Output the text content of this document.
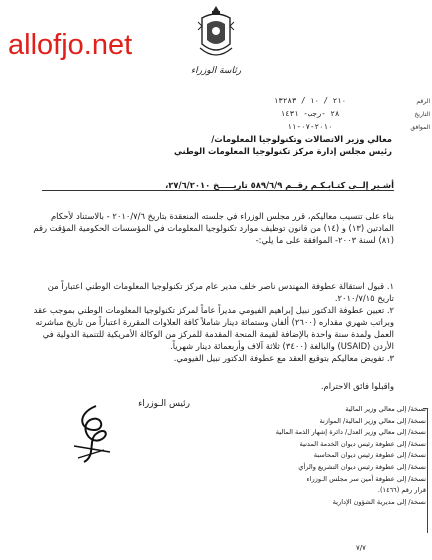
allofjo.net
رئاسة الوزراء
الرقم
التاريخ
الموافق
٢١٠ / ١٠ / ١٣٢٨٣
٢٨ -رجب- ١٤٣١
٢٠١٠-٠٧-١١
معالي وزير الاتصالات وتكنولوجيا المعلومات/
رئيس مجلس إدارة مركز تكنولوجيا المعلومات الوطني
أشـير إلــى كتـابـكـم رقــم ٥٨٩/٦/٩ تاريـــــخ ٢٧/٦/٢٠١٠،
بناء على تنسيب معاليكم، قرر مجلس الوزراء في جلسته المنعقدة بتاريخ ٢٠١٠/٧/٦ - بالاستناد لأحكام المادتين (١٣) و (١٤) من قانون توظيف موارد تكنولوجيا المعلومات في المؤسسات الحكومية المؤقت رقم (٨١) لسنة ٢٠٠٣- الموافقة على ما يلي:-
١. قبول استقالة عطوفة المهندس ناصر خلف مدير عام مركز تكنولوجيا المعلومات الوطني اعتباراً من تاريخ ٢٠١٠/٧/١٥.
٢. تعيين عطوفة الدكتور نبيل إبراهيم الفيومي مديراً عاماً لمركز تكنولوجيا المعلومات الوطني بموجب عقد وبراتب شهري مقداره (٢٦٠٠) ألفان وستمائة دينار شاملاً كافة العلاوات المقررة اعتباراً من تاريخ مباشرته العمل ولمدة سنة واحدة بالإضافة لقيمة المنحة المقدمة للمركز من الوكالة الأمريكية للتنمية الدولية في الأردن (USAID) والبالغة (٣٤٠٠) ثلاثة آلاف وأربعمائة دينار شهرياً.
٣. تفويض معاليكم بتوقيع العقد مع عطوفة الدكتور نبيل الفيومي.
واقبلوا فائق الاحترام.
رئيس الـوزراء	نسخة/ إلى معالي وزير المالية
نسخة/ إلى معالي وزير المالية/ الموازنة
نسخة/ إلى معالي وزير العدل/ دائرة إشهار الذمة المالية
نسخة/ إلى عطوفة رئيس ديوان الخدمة المدنية
نسخة/ إلى عطوفة رئيس ديوان المحاسبة
نسخة/ إلى عطوفة رئيس ديوان التشريع والرأي
نسخة/ إلى عطوفة أمين سر مجلس الـوزراء
قرار رقم (١٤٦٦).
نسخة/ إلى مديرية الشؤون الإدارية
٧/٧
